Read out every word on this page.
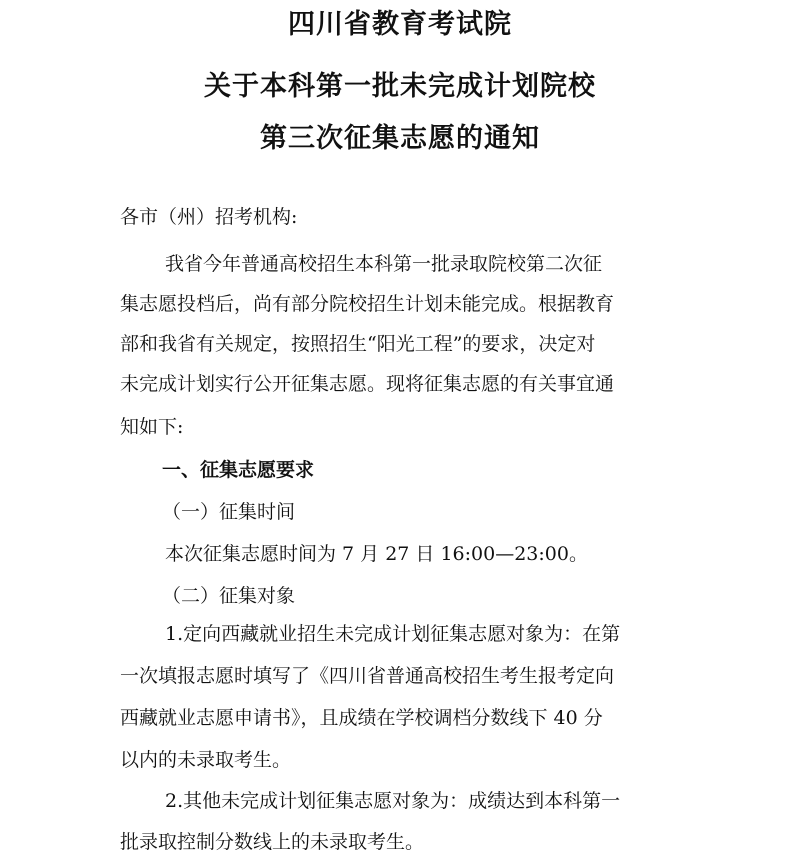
四川省教育考试院
关于本科第一批未完成计划院校
第三次征集志愿的通知
各市（州）招考机构:
我省今年普通高校招生本科第一批录取院校第二次征
集志愿投档后，尚有部分院校招生计划未能完成。根据教育
部和我省有关规定，按照招生“阳光工程”的要求，决定对
未完成计划实行公开征集志愿。现将征集志愿的有关事宜通
知如下:
一、征集志愿要求
（一）征集时间
本次征集志愿时间为 7 月 27 日 16:00—23:00。
（二）征集对象
1.定向西藏就业招生未完成计划征集志愿对象为：在第
一次填报志愿时填写了《四川省普通高校招生考生报考定向
西藏就业志愿申请书》，且成绩在学校调档分数线下 40 分
以内的未录取考生。
2.其他未完成计划征集志愿对象为：成绩达到本科第一
批录取控制分数线上的未录取考生。
